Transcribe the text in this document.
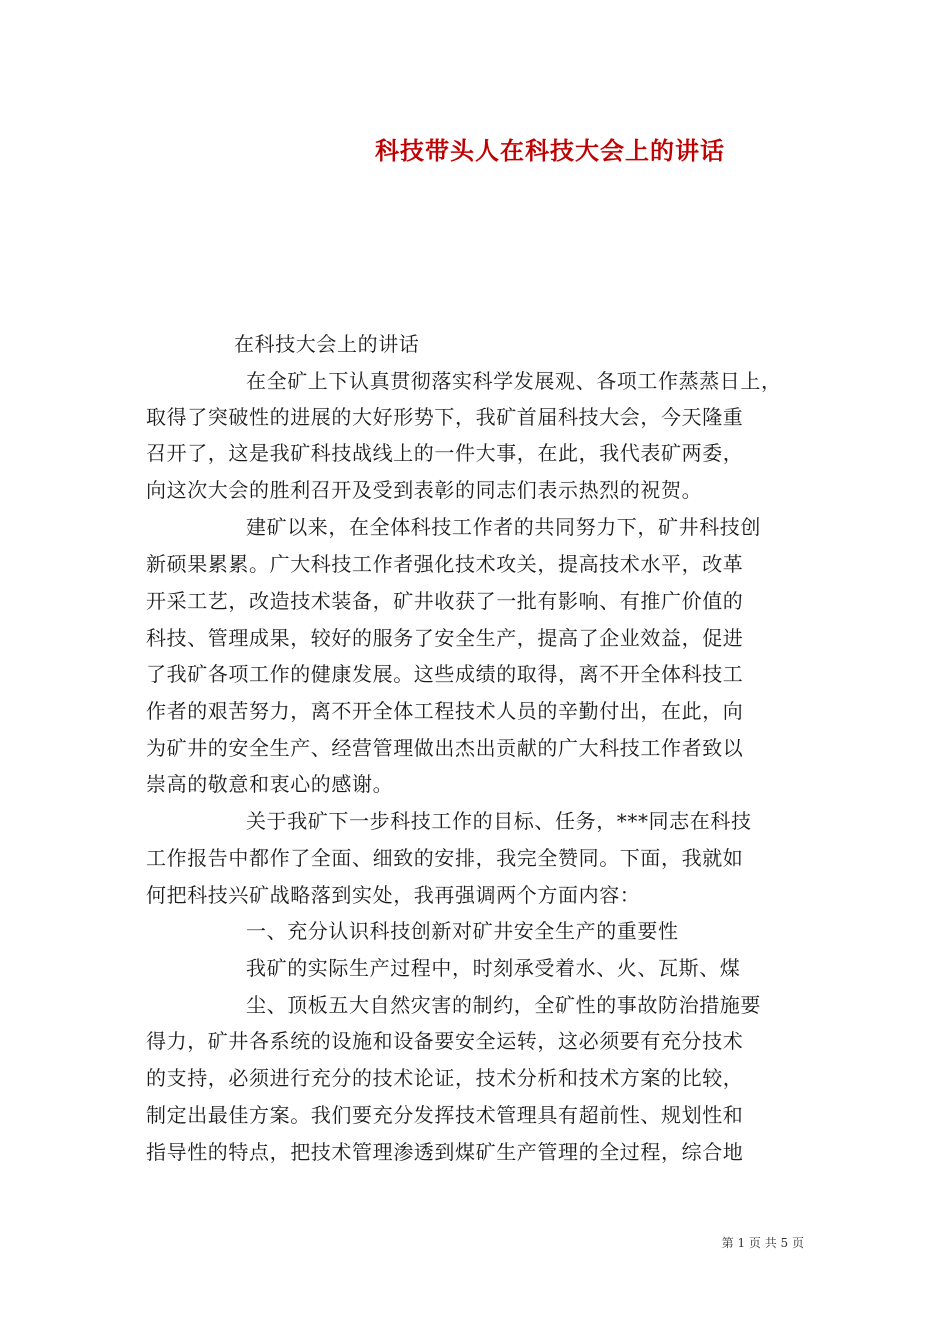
科技带头人在科技大会上的讲话
在科技大会上的讲话
在全矿上下认真贯彻落实科学发展观、各项工作蒸蒸日上，
取得了突破性的进展的大好形势下，我矿首届科技大会，今天隆重
召开了，这是我矿科技战线上的一件大事，在此，我代表矿两委，
向这次大会的胜利召开及受到表彰的同志们表示热烈的祝贺。
建矿以来，在全体科技工作者的共同努力下，矿井科技创
新硕果累累。广大科技工作者强化技术攻关，提高技术水平，改革
开采工艺，改造技术装备，矿井收获了一批有影响、有推广价值的
科技、管理成果，较好的服务了安全生产，提高了企业效益，促进
了我矿各项工作的健康发展。这些成绩的取得，离不开全体科技工
作者的艰苦努力，离不开全体工程技术人员的辛勤付出，在此，向
为矿井的安全生产、经营管理做出杰出贡献的广大科技工作者致以
崇高的敬意和衷心的感谢。
关于我矿下一步科技工作的目标、任务，***同志在科技
工作报告中都作了全面、细致的安排，我完全赞同。下面，我就如
何把科技兴矿战略落到实处，我再强调两个方面内容：
一、充分认识科技创新对矿井安全生产的重要性
我矿的实际生产过程中，时刻承受着水、火、瓦斯、煤
尘、顶板五大自然灾害的制约，全矿性的事故防治措施要
得力，矿井各系统的设施和设备要安全运转，这必须要有充分技术
的支持，必须进行充分的技术论证，技术分析和技术方案的比较，
制定出最佳方案。我们要充分发挥技术管理具有超前性、规划性和
指导性的特点，把技术管理渗透到煤矿生产管理的全过程，综合地
第 1 页 共 5 页
